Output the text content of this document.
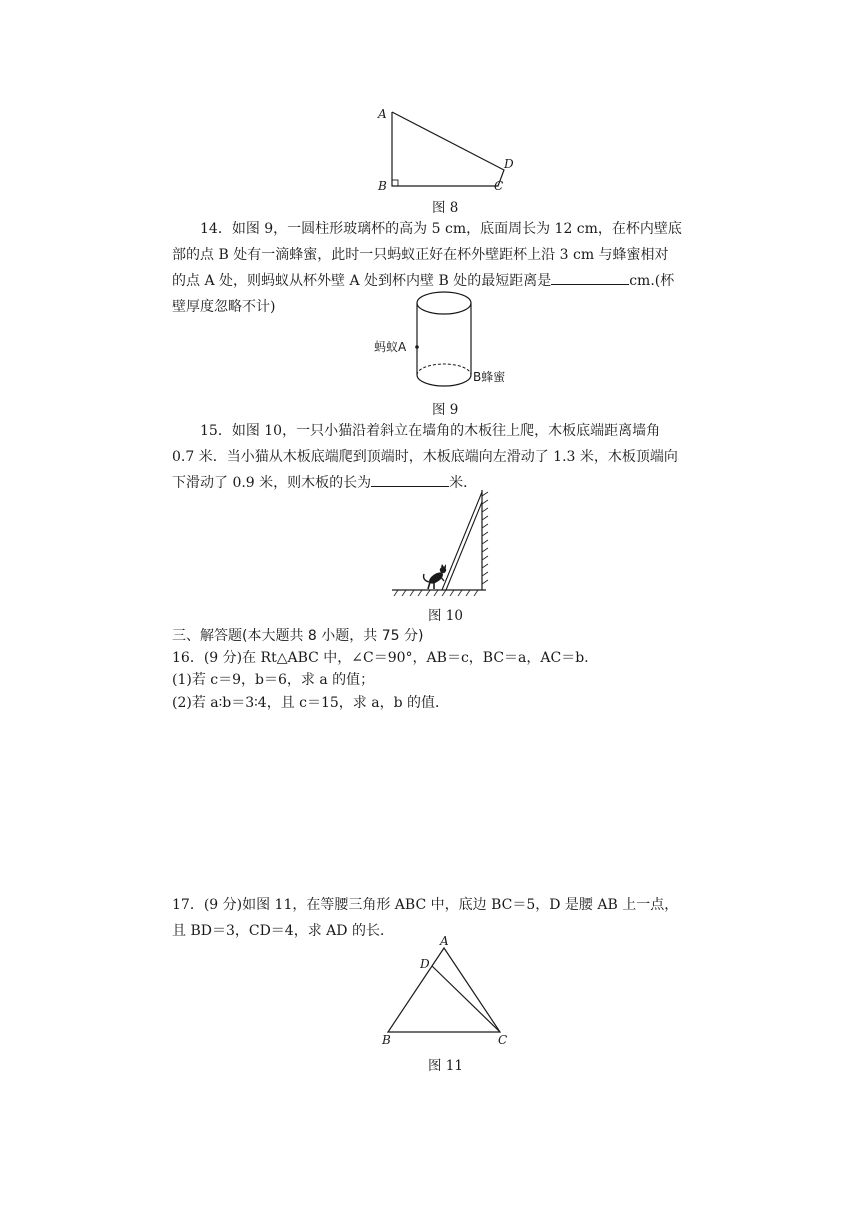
A
B	C
D
图 8
14．如图 9，一圆柱形玻璃杯的高为 5 cm，底面周长为 12 cm，在杯内壁底部的点 B 处有一滴蜂蜜，此时一只蚂蚁正好在杯外壁距杯上沿 3 cm 与蜂蜜相对的点 A 处，则蚂蚁从杯外壁 A 处到杯内壁 B 处的最短距离是	cm.(杯壁厚度忽略不计)
蚂蚁A
B蜂蜜
图 9
15．如图 10，一只小猫沿着斜立在墙角的木板往上爬，木板底端距离墙角 0.7 米．当小猫从木板底端爬到顶端时，木板底端向左滑动了 1.3 米，木板顶端向下滑动了 0.9 米，则木板的长为	米．
图 10
三、解答题(本大题共 8 小题，共 75 分)
16．(9 分)在 Rt△ABC 中，∠C＝90°，AB＝c，BC＝a，AC＝b.
(1)若 c＝9，b＝6，求 a 的值；
(2)若 a∶b＝3∶4，且 c＝15，求 a，b 的值．
17．(9 分)如图 11，在等腰三角形 ABC 中，底边 BC＝5，D 是腰 AB 上一点，且 BD＝3，CD＝4，求 AD 的长．
A
D
B	C
图 11
